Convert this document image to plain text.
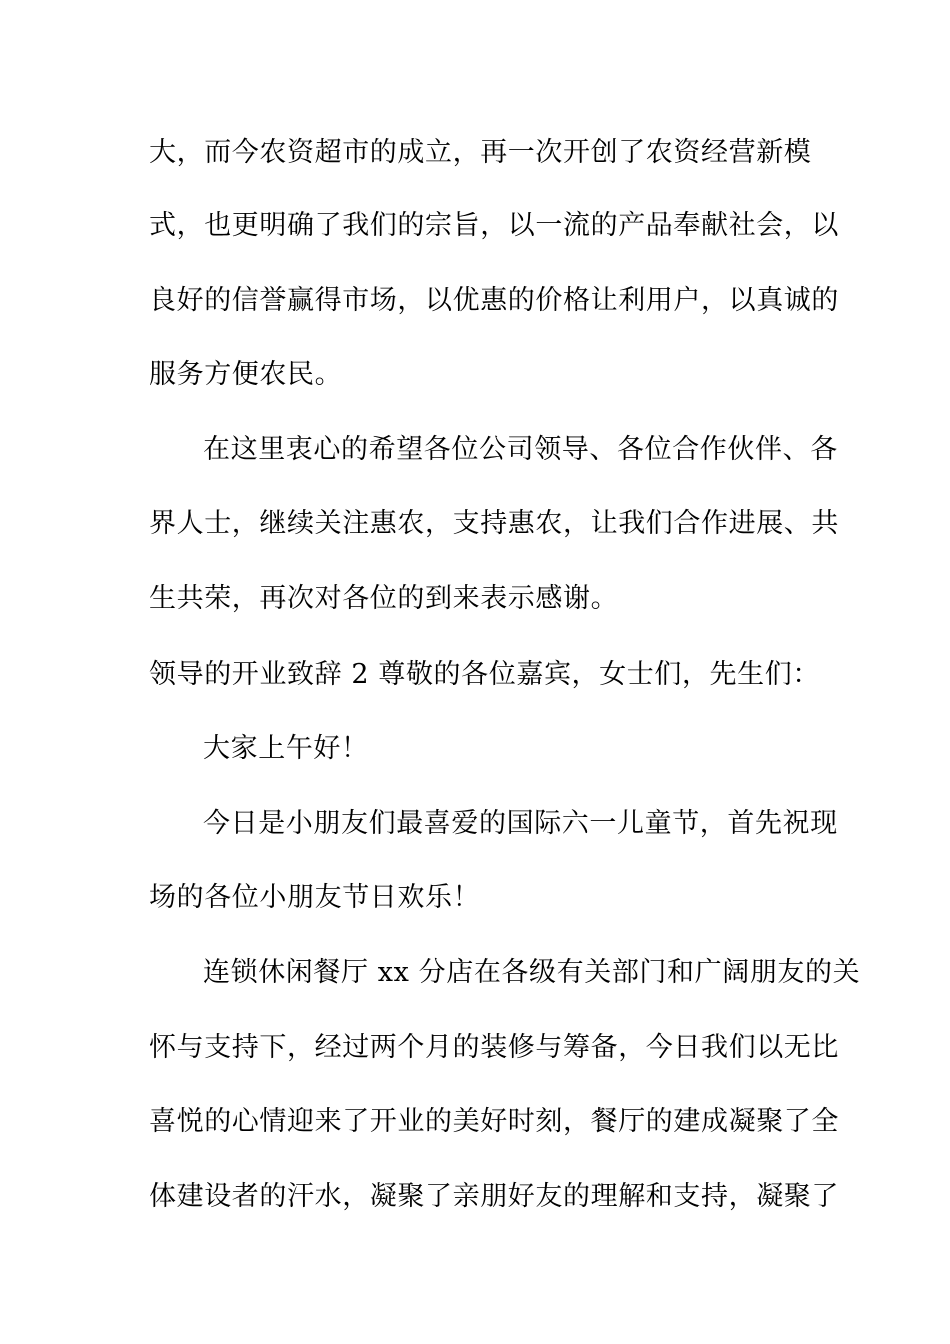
大，而今农资超市的成立，再一次开创了农资经营新模
式，也更明确了我们的宗旨，以一流的产品奉献社会，以
良好的信誉赢得市场，以优惠的价格让利用户，以真诚的
服务方便农民。
在这里衷心的希望各位公司领导、各位合作伙伴、各
界人士，继续关注惠农，支持惠农，让我们合作进展、共
生共荣，再次对各位的到来表示感谢。
领导的开业致辞 2 尊敬的各位嘉宾，女士们，先生们：
大家上午好！
今日是小朋友们最喜爱的国际六一儿童节，首先祝现
场的各位小朋友节日欢乐！
连锁休闲餐厅 xx 分店在各级有关部门和广阔朋友的关
怀与支持下，经过两个月的装修与筹备，今日我们以无比
喜悦的心情迎来了开业的美好时刻，餐厅的建成凝聚了全
体建设者的汗水，凝聚了亲朋好友的理解和支持，凝聚了
